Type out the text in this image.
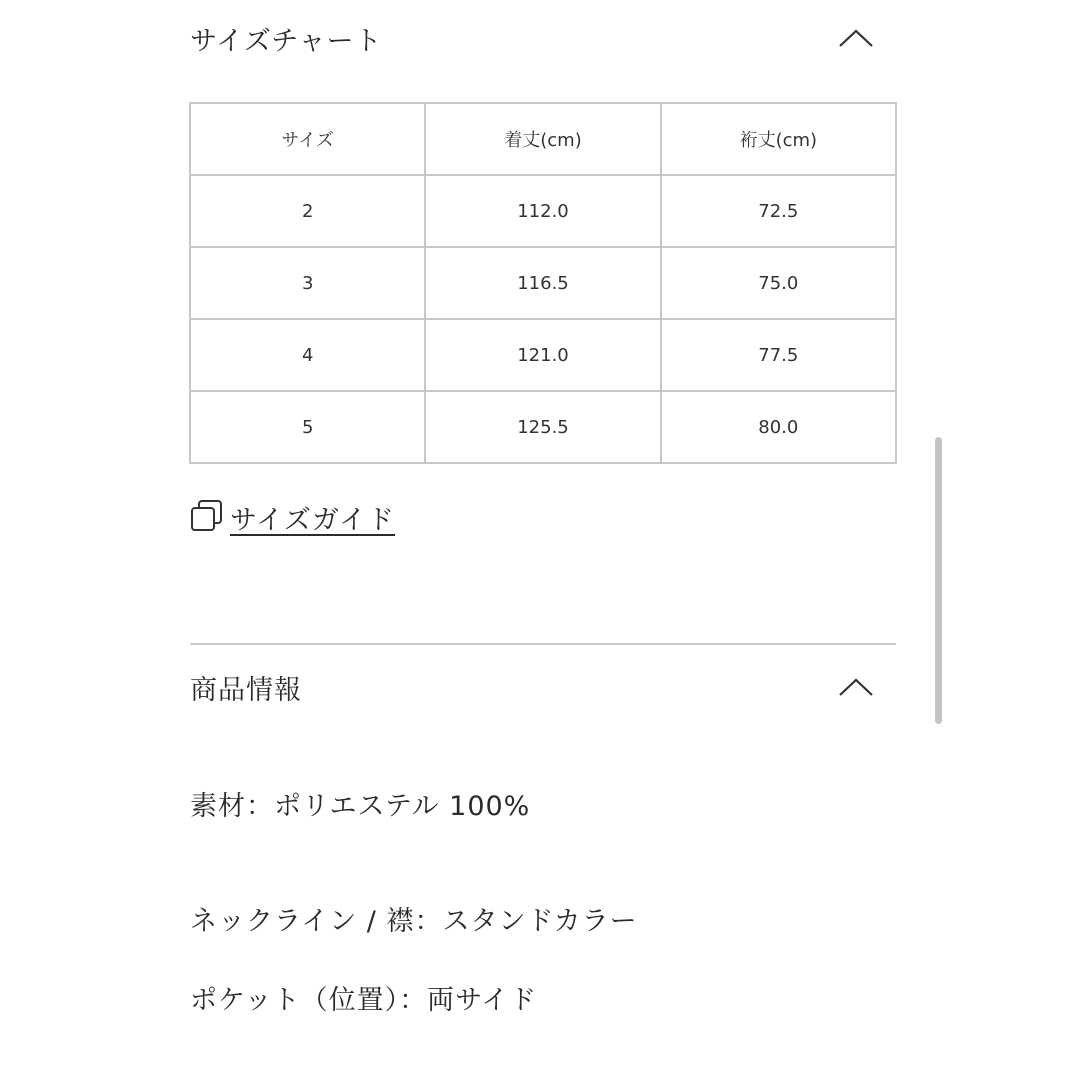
サイズチャート
サイズ	着丈(cm)	裄丈(cm)
2	112.0	72.5
3	116.5	75.0
4	121.0	77.5
5	125.5	80.0
サイズガイド
商品情報
素材：ポリエステル 100%
ネックライン / 襟：スタンドカラー
ポケット（位置）：両サイド
